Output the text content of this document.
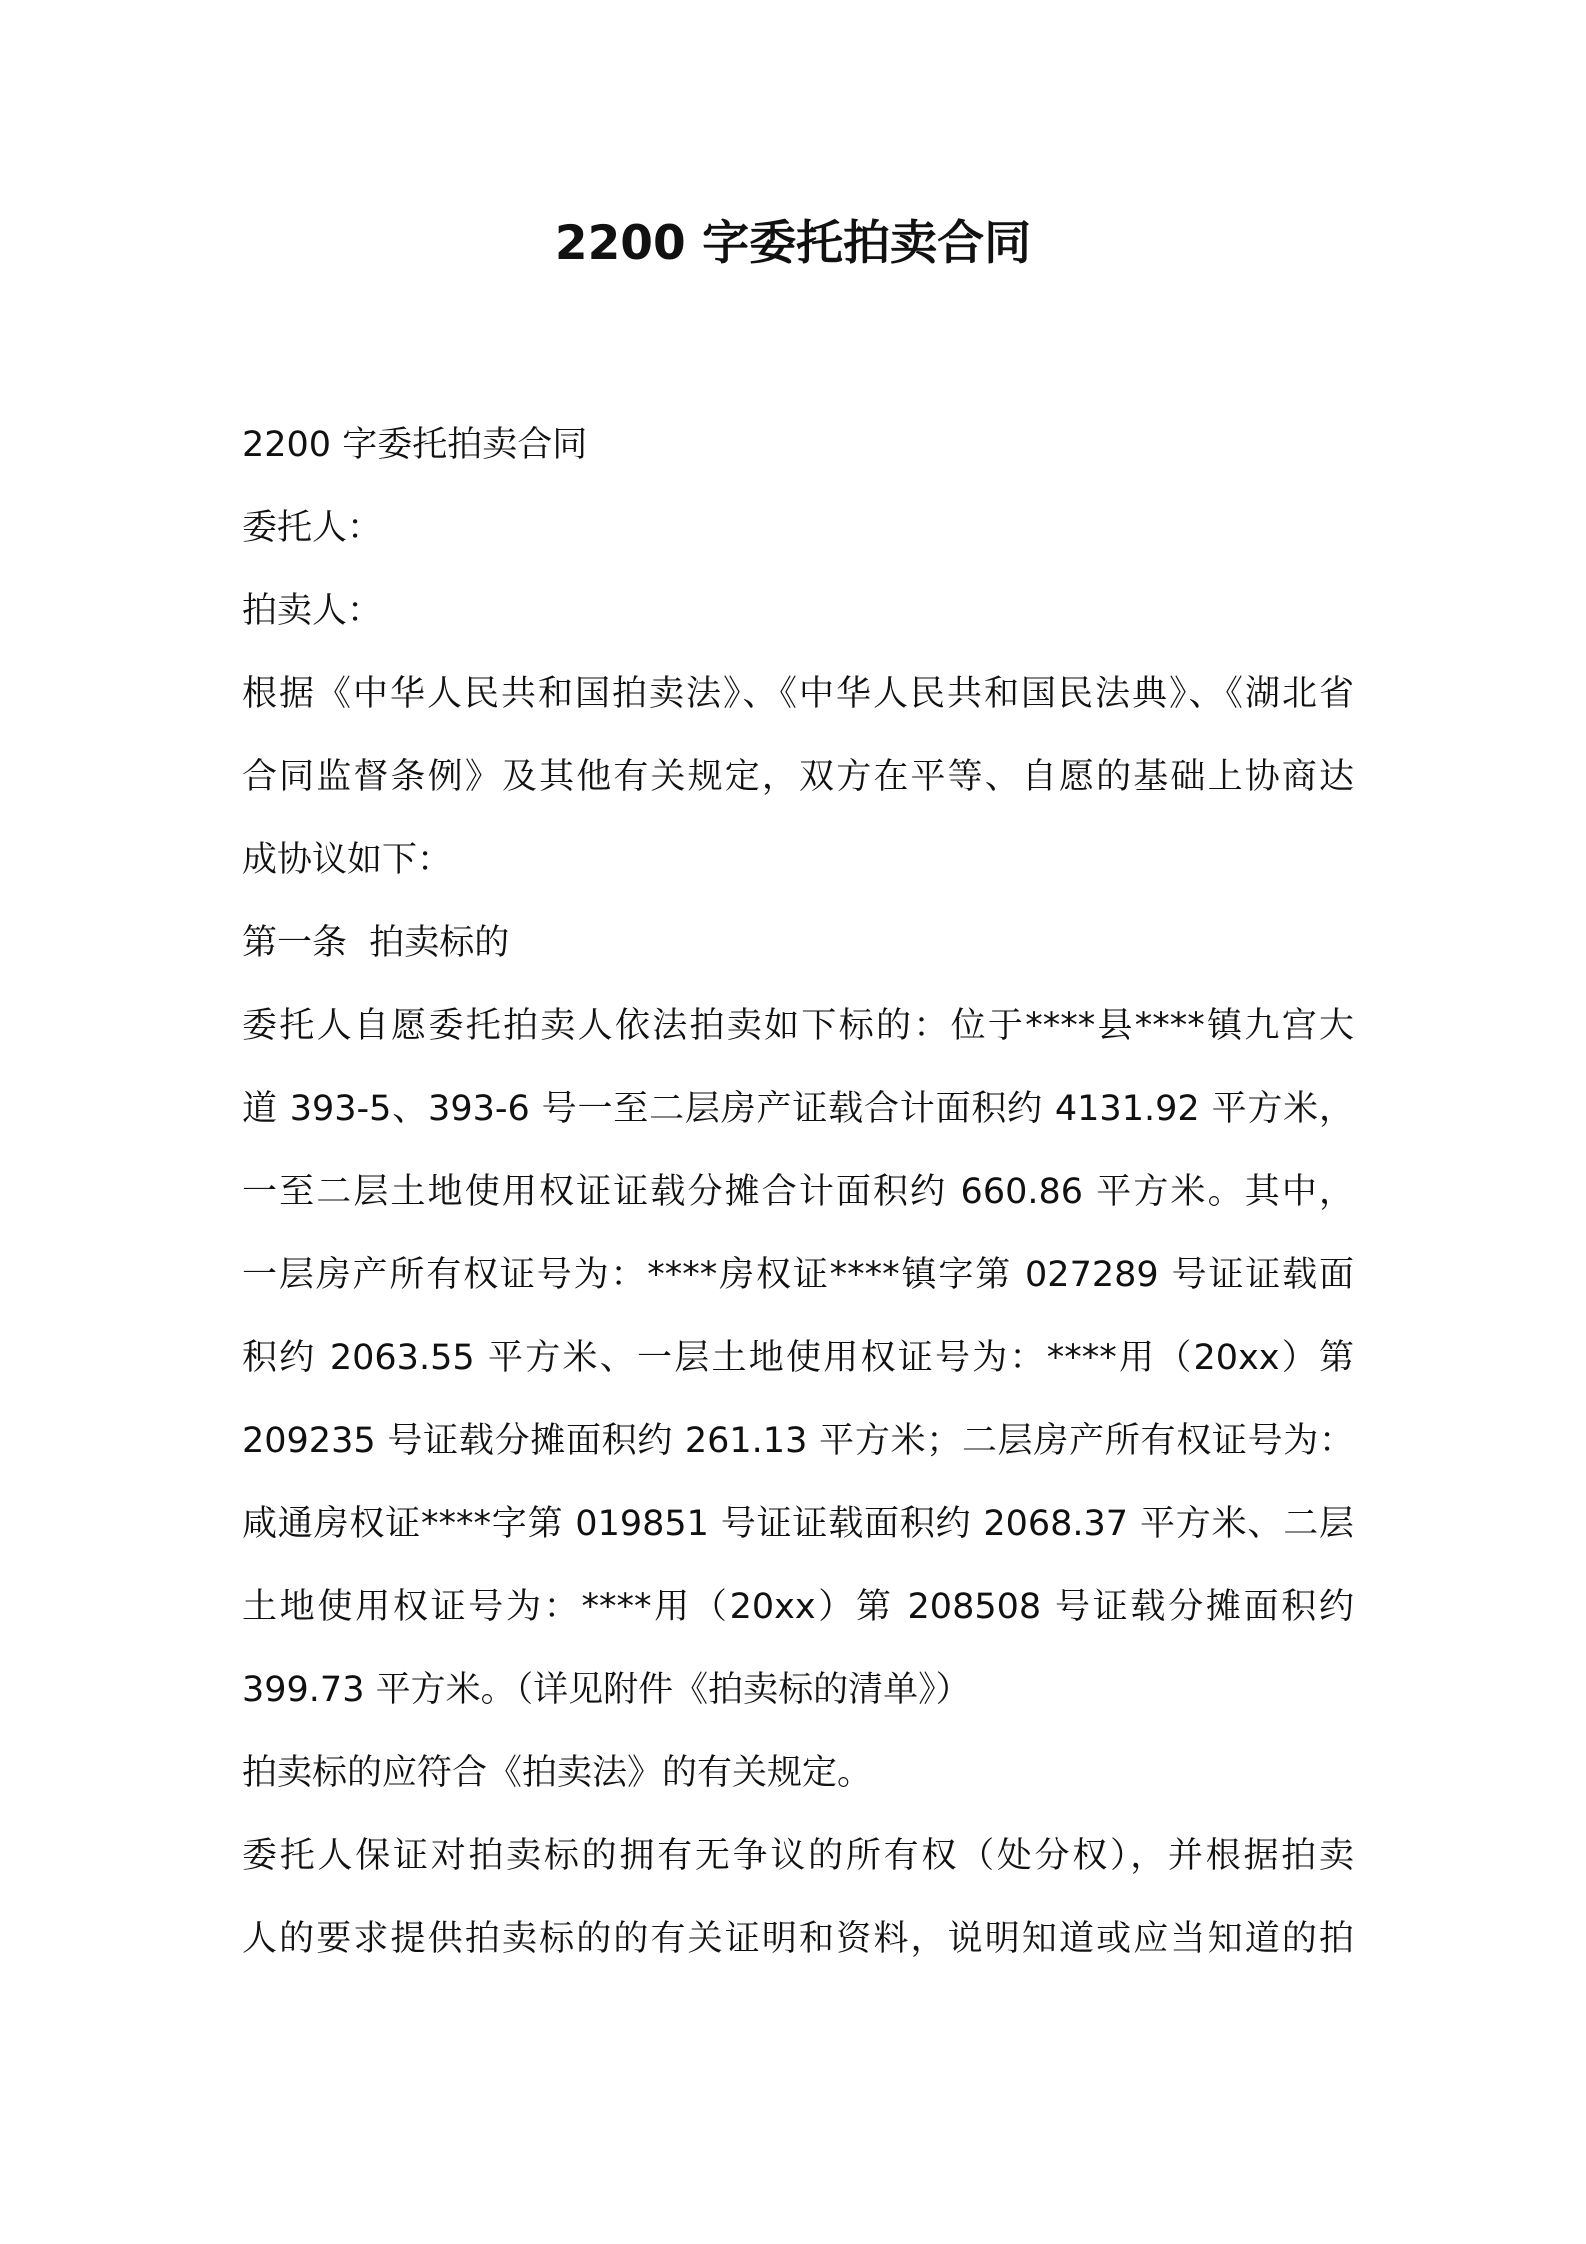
2200 字委托拍卖合同

2200 字委托拍卖合同

委托人：

拍卖人：

根据《中华人民共和国拍卖法》、《中华人民共和国民法典》、《湖北省

合同监督条例》及其他有关规定，双方在平等、自愿的基础上协商达

成协议如下：

第一条  拍卖标的

委托人自愿委托拍卖人依法拍卖如下标的：位于****县****镇九宫大

道 393-5、393-6 号一至二层房产证载合计面积约 4131.92 平方米，

一至二层土地使用权证证载分摊合计面积约 660.86 平方米。其中，

一层房产所有权证号为：****房权证****镇字第 027289 号证证载面

积约 2063.55 平方米、一层土地使用权证号为：****用（20xx）第

209235 号证载分摊面积约 261.13 平方米；二层房产所有权证号为：

咸通房权证****字第 019851 号证证载面积约 2068.37 平方米、二层

土地使用权证号为：****用（20xx）第 208508 号证载分摊面积约

399.73 平方米。（详见附件《拍卖标的清单》）

拍卖标的应符合《拍卖法》的有关规定。

委托人保证对拍卖标的拥有无争议的所有权（处分权），并根据拍卖

人的要求提供拍卖标的的有关证明和资料，说明知道或应当知道的拍
